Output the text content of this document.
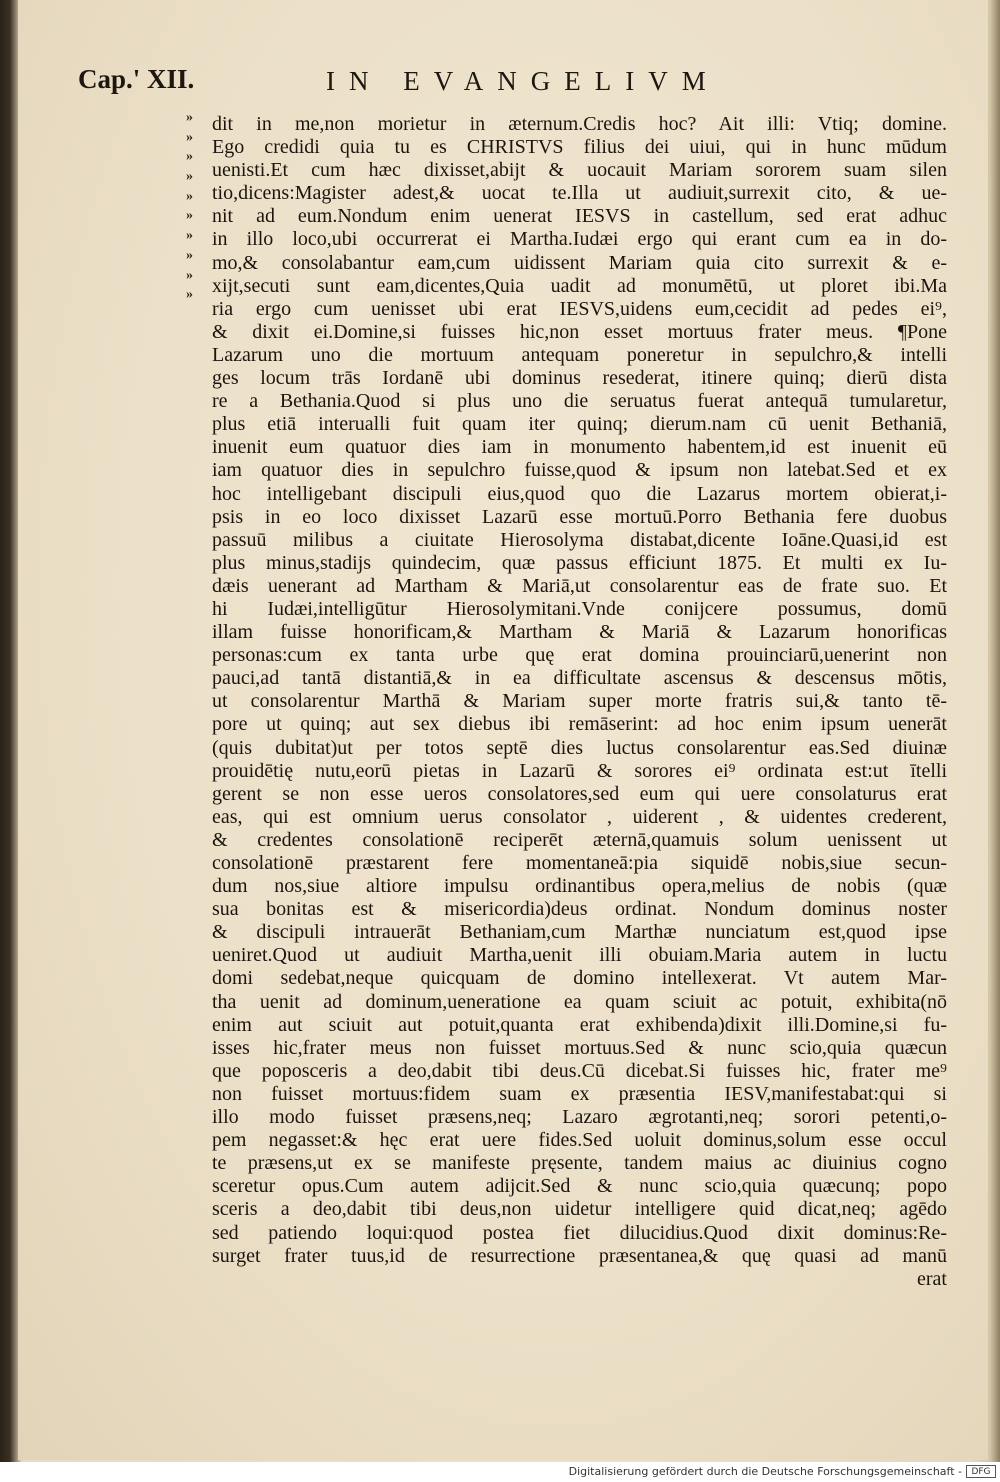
Cap.' XII.	IN EVANGELIVM
»
»
»
»
»
»
»
»
»
»
dit in me,non morietur in æternum.Credis hoc? Ait illi: Vtiq; domine.
Ego credidi quia tu es CHRISTVS filius dei uiui, qui in hunc mūdum
uenisti.Et cum hæc dixisset,abijt & uocauit Mariam sororem suam silen
tio,dicens:Magister adest,& uocat te.Illa ut audiuit,surrexit cito, & ue-
nit ad eum.Nondum enim uenerat IESVS in castellum, sed erat adhuc
in illo loco,ubi occurrerat ei Martha.Iudæi ergo qui erant cum ea in do-
mo,& consolabantur eam,cum uidissent Mariam quia cito surrexit & e-
xijt,secuti sunt eam,dicentes,Quia uadit ad monumētū, ut ploret ibi.Ma
ria ergo cum uenisset ubi erat IESVS,uidens eum,cecidit ad pedes ei⁹,
& dixit ei.Domine,si fuisses hic,non esset mortuus frater meus. ¶Pone
Lazarum uno die mortuum antequam poneretur in sepulchro,& intelli
ges locum trās Iordanē ubi dominus resederat, itinere quinq; dierū dista
re a Bethania.Quod si plus uno die seruatus fuerat antequā tumularetur,
plus etiā interualli fuit quam iter quinq; dierum.nam cū uenit Bethaniā,
inuenit eum quatuor dies iam in monumento habentem,id est inuenit eū
iam quatuor dies in sepulchro fuisse,quod & ipsum non latebat.Sed et ex
hoc intelligebant discipuli eius,quod quo die Lazarus mortem obierat,i-
psis in eo loco dixisset Lazarū esse mortuū.Porro Bethania fere duobus
passuū milibus a ciuitate Hierosolyma distabat,dicente Ioāne.Quasi,id est
plus minus,stadijs quindecim, quæ passus efficiunt 1875. Et multi ex Iu-
dæis uenerant ad Martham & Mariā,ut consolarentur eas de frate suo. Et
hi Iudæi,intelligūtur Hierosolymitani.Vnde conijcere possumus, domū
illam fuisse honorificam,& Martham & Mariā & Lazarum honorificas
personas:cum ex tanta urbe quę erat domina prouinciarū,uenerint non
pauci,ad tantā distantiā,& in ea difficultate ascensus & descensus mōtis,
ut consolarentur Marthā & Mariam super morte fratris sui,& tanto tē-
pore ut quinq; aut sex diebus ibi remāserint: ad hoc enim ipsum uenerāt
(quis dubitat)ut per totos septē dies luctus consolarentur eas.Sed diuinæ
prouidētię nutu,eorū pietas in Lazarū & sorores ei⁹ ordinata est:ut ītelli
gerent se non esse ueros consolatores,sed eum qui uere consolaturus erat
eas, qui est omnium uerus consolator , uiderent , & uidentes crederent,
& credentes consolationē reciperēt æternā,quamuis solum uenissent ut
consolationē præstarent fere momentaneā:pia siquidē nobis,siue secun-
dum nos,siue altiore impulsu ordinantibus opera,melius de nobis (quæ
sua bonitas est & misericordia)deus ordinat. Nondum dominus noster
& discipuli intrauerāt Bethaniam,cum Marthæ nunciatum est,quod ipse
ueniret.Quod ut audiuit Martha,uenit illi obuiam.Maria autem in luctu
domi sedebat,neque quicquam de domino intellexerat. Vt autem Mar-
tha uenit ad dominum,ueneratione ea quam sciuit ac potuit, exhibita(nō
enim aut sciuit aut potuit,quanta erat exhibenda)dixit illi.Domine,si fu-
isses hic,frater meus non fuisset mortuus.Sed & nunc scio,quia quæcun
que poposceris a deo,dabit tibi deus.Cū dicebat.Si fuisses hic, frater me⁹
non fuisset mortuus:fidem suam ex præsentia IESV,manifestabat:qui si
illo modo fuisset præsens,neq; Lazaro ægrotanti,neq; sorori petenti,o-
pem negasset:& hęc erat uere fides.Sed uoluit dominus,solum esse occul
te præsens,ut ex se manifeste pręsente, tandem maius ac diuinius cogno
sceretur opus.Cum autem adijcit.Sed & nunc scio,quia quæcunq; popo
sceris a deo,dabit tibi deus,non uidetur intelligere quid dicat,neq; agēdo
sed patiendo loqui:quod postea fiet dilucidius.Quod dixit dominus:Re-
surget frater tuus,id de resurrectione præsentanea,& quę quasi ad manū
erat
Digitalisierung gefördert durch die Deutsche Forschungsgemeinschaft -	DFG
